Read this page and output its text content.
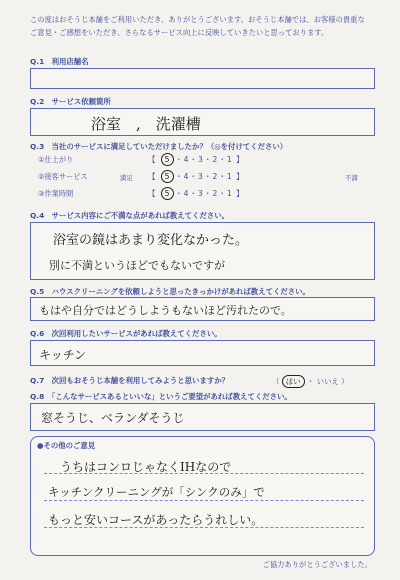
この度はおそうじ本舗をご利用いただき、ありがとうございます。おそうじ本舗では、お客様の貴重なご意見・ご感想をいただき、さらなるサービス向上に反映していきたいと思っております。
Q.1　利用店舗名
Q.2　サービス依頼箇所
浴室　,　洗濯槽
Q.3　当社のサービスに満足していただけましたか？（◎を付けてください）
①仕上がり
②接客サービス
③作業時間
満足	不満
【 5 ・4・3・2・1 】
【 5 ・4・3・2・1 】
【 5 ・4・3・2・1 】
Q.4　サービス内容にご不満な点があれば教えてください。
浴室の鏡はあまり変化なかった。
別に不満というほどでもないですが
Q.5　ハウスクリーニングを依頼しようと思ったきっかけがあれば教えてください。
もはや自分ではどうしようもないほど汚れたので。
Q.6　次回利用したいサービスがあれば教えてください。
キッチン
Q.7　次回もおそうじ本舗を利用してみようと思いますか？	（ はい ・ いいえ ）
Q.8　「こんなサービスあるといいな」というご要望があれば教えてください。
窓そうじ、ベランダそうじ
●その他のご意見
うちはコンロじゃなくIHなので
キッチンクリーニングが「シンクのみ」で
もっと安いコースがあったらうれしい。
ご協力ありがとうございました。
